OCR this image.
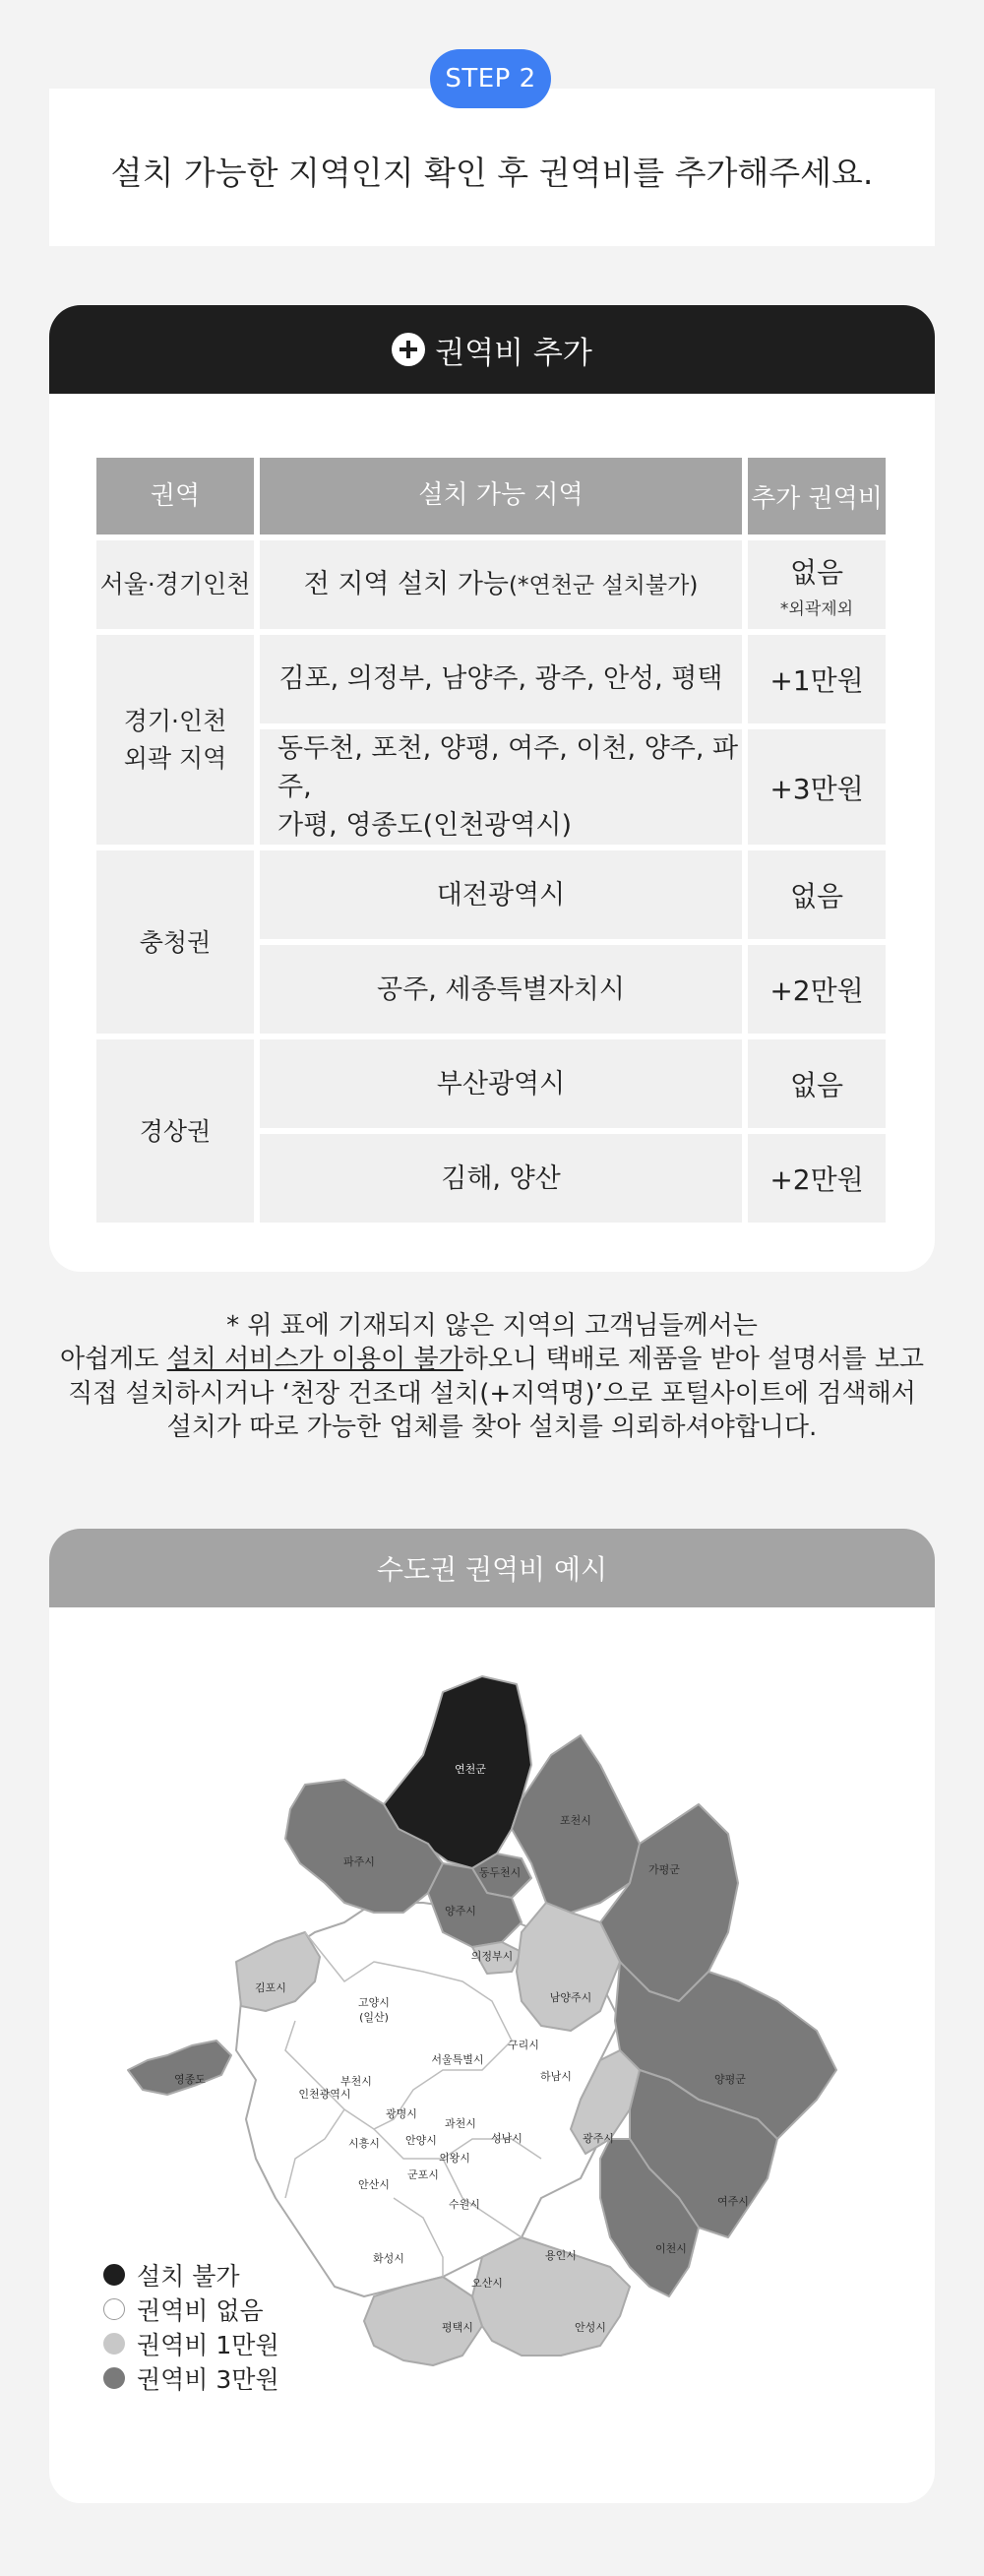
설치 가능한 지역인지 확인 후 권역비를 추가해주세요.
STEP 2
권역비 추가
권역	설치 가능 지역	추가 권역비
서울·경기인천	전 지역 설치 가능(*연천군 설치불가)	없음
*외곽제외

경기·인천
외곽 지역	김포, 의정부, 남양주, 광주, 안성, 평택	+1만원
	동두천, 포천, 양평, 여주, 이천, 양주, 파주,
가평, 영종도(인천광역시)	+3만원
충청권	대전광역시	없음
	공주, 세종특별자치시	+2만원
경상권	부산광역시	없음
	김해, 양산	+2만원
* 위 표에 기재되지 않은 지역의 고객님들께서는
아쉽게도 설치 서비스가 이용이 불가하오니 택배로 제품을 받아 설명서를 보고
직접 설치하시거나 ‘천장 건조대 설치(+지역명)’으로 포털사이트에 검색해서
설치가 따로 가능한 업체를 찾아 설치를 의뢰하셔야합니다.
수도권 권역비 예시
연천군
포천시
동두천시
파주시
양주시
가평군
의정부시
김포시
고양시
(일산)
남양주시
구리시
서울특별시
영종도
인천광역시
부천시	하남시	양평군
광명시
과천시
시흥시 안양시	성남시	광주시
군포시
의왕시
안산시
수원시	여주시
이천시
용인시
화성시
오산시
평택시	안성시
설치 불가
권역비 없음
권역비 1만원
권역비 3만원
